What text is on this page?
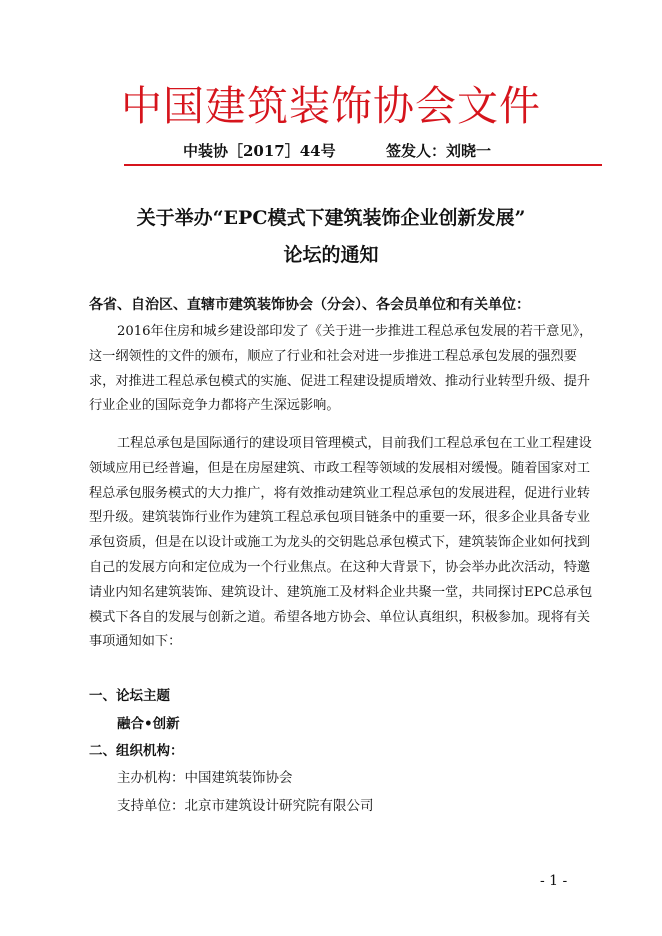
中国建筑装饰协会文件
中装协［2017］44号	签发人：刘晓一
关于举办“EPC模式下建筑装饰企业创新发展”
论坛的通知
各省、自治区、直辖市建筑装饰协会（分会）、各会员单位和有关单位：

2016年住房和城乡建设部印发了《关于进一步推进工程总承包发展的若干意见》，

这一纲领性的文件的颁布，顺应了行业和社会对进一步推进工程总承包发展的强烈要

求，对推进工程总承包模式的实施、促进工程建设提质增效、推动行业转型升级、提升

行业企业的国际竞争力都将产生深远影响。

工程总承包是国际通行的建设项目管理模式，目前我们工程总承包在工业工程建设

领域应用已经普遍，但是在房屋建筑、市政工程等领域的发展相对缓慢。随着国家对工

程总承包服务模式的大力推广，将有效推动建筑业工程总承包的发展进程，促进行业转

型升级。建筑装饰行业作为建筑工程总承包项目链条中的重要一环，很多企业具备专业

承包资质，但是在以设计或施工为龙头的交钥匙总承包模式下，建筑装饰企业如何找到

自己的发展方向和定位成为一个行业焦点。在这种大背景下，协会举办此次活动，特邀

请业内知名建筑装饰、建筑设计、建筑施工及材料企业共聚一堂，共同探讨EPC总承包

模式下各自的发展与创新之道。希望各地方协会、单位认真组织，积极参加。现将有关

事项通知如下：

一、论坛主题
融合•创新
二、组织机构：
主办机构：中国建筑装饰协会
支持单位：北京市建筑设计研究院有限公司
- 1 -
